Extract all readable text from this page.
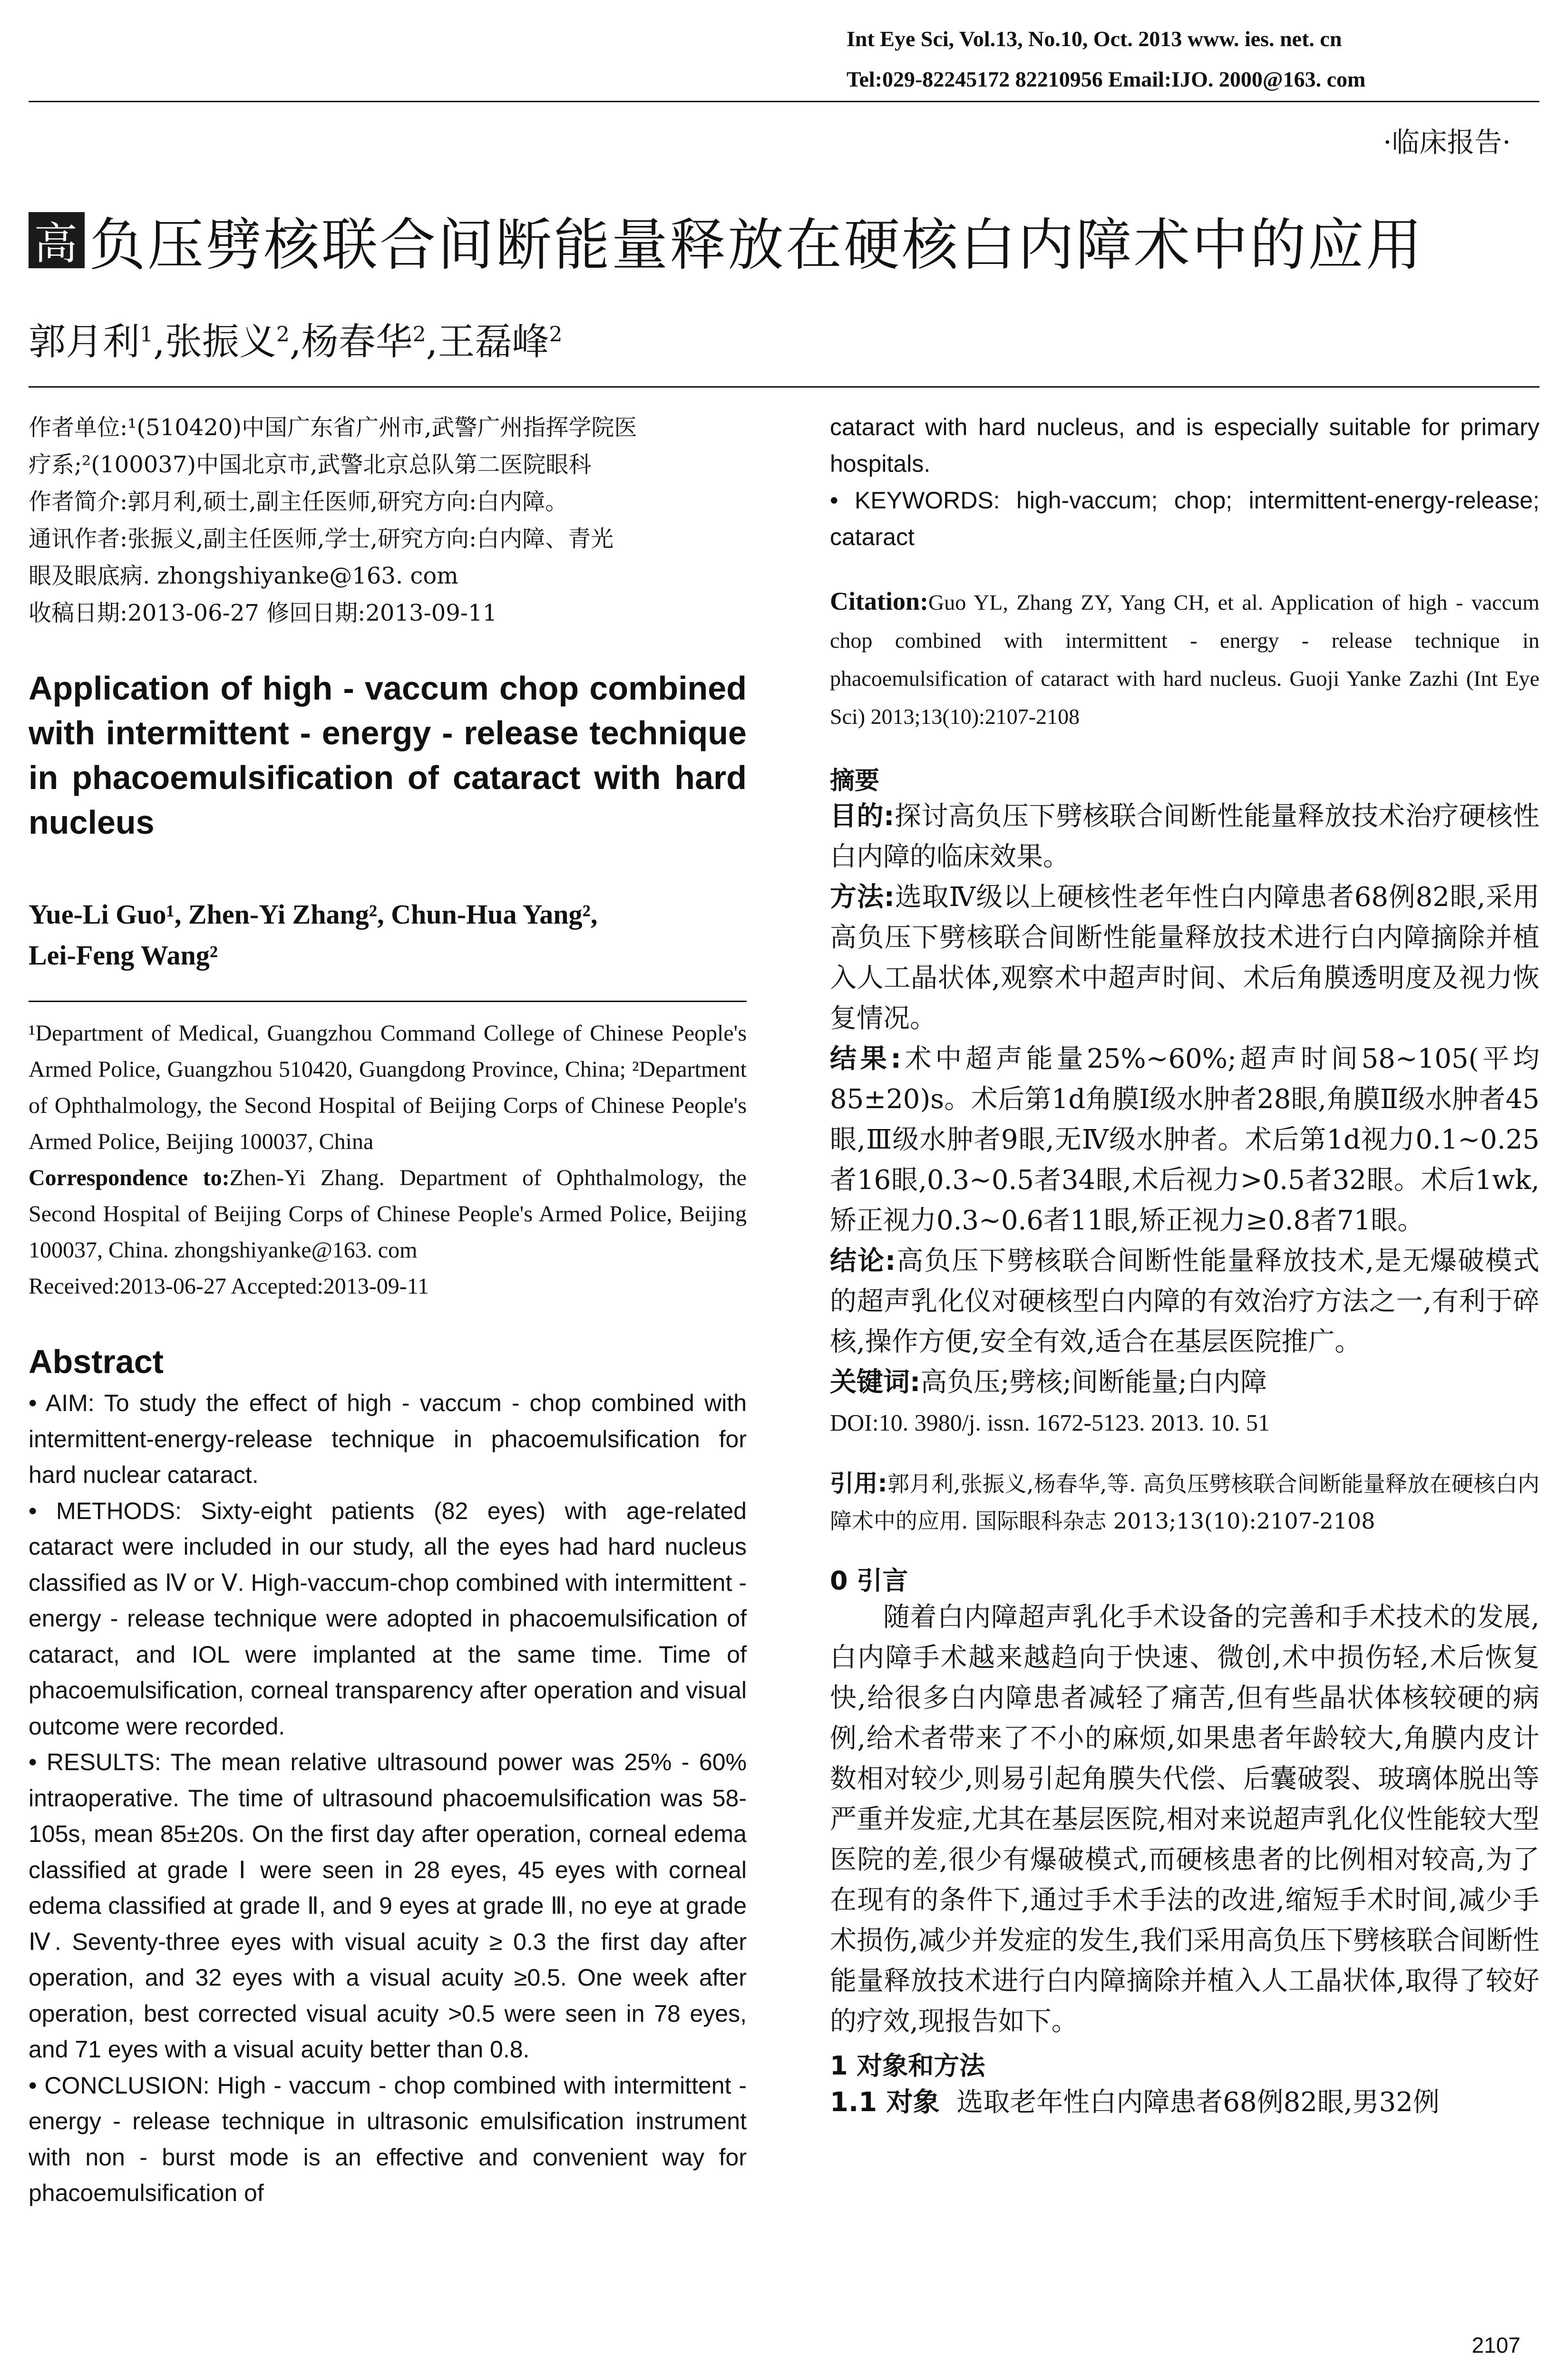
Int Eye Sci, Vol.13, No.10, Oct. 2013 www. ies. net. cn
Tel:029-82245172 82210956 Email:IJO. 2000@163. com
·临床报告·
高 负压劈核联合间断能量释放在硬核白内障术中的应用
郭月利$^1$,张振义$^2$,杨春华$^2$,王磊峰$^2$

作者单位:¹(510420)中国广东省广州市,武警广州指挥学院医

疗系;²(100037)中国北京市,武警北京总队第二医院眼科

作者简介:郭月利,硕士,副主任医师,研究方向:白内障。

通讯作者:张振义,副主任医师,学士,研究方向:白内障、青光

眼及眼底病. zhongshiyanke@163. com

收稿日期:2013-06-27 修回日期:2013-09-11

Application of high - vaccum chop combined with intermittent - energy - release technique in phacoemulsification of cataract with hard nucleus
Yue-Li Guo¹, Zhen-Yi Zhang², Chun-Hua Yang²,
Lei-Feng Wang²
¹Department of Medical, Guangzhou Command College of Chinese People's Armed Police, Guangzhou 510420, Guangdong Province, China; ²Department of Ophthalmology, the Second Hospital of Beijing Corps of Chinese People's Armed Police, Beijing 100037, China
Correspondence to:Zhen-Yi Zhang. Department of Ophthalmology, the Second Hospital of Beijing Corps of Chinese People's Armed Police, Beijing 100037, China. zhongshiyanke@163. com
Received:2013-06-27 Accepted:2013-09-11
Abstract

• AIM: To study the effect of high - vaccum - chop combined with intermittent-energy-release technique in phacoemulsification for hard nuclear cataract.

• METHODS: Sixty-eight patients (82 eyes) with age-related cataract were included in our study, all the eyes had hard nucleus classified as Ⅳ or Ⅴ. High-vaccum-chop combined with intermittent - energy - release technique were adopted in phacoemulsification of cataract, and IOL were implanted at the same time. Time of phacoemulsification, corneal transparency after operation and visual outcome were recorded.

• RESULTS: The mean relative ultrasound power was 25% - 60% intraoperative. The time of ultrasound phacoemulsification was 58-105s, mean 85±20s. On the first day after operation, corneal edema classified at grade Ⅰ were seen in 28 eyes, 45 eyes with corneal edema classified at grade Ⅱ, and 9 eyes at grade Ⅲ, no eye at grade Ⅳ. Seventy-three eyes with visual acuity ≥ 0.3 the first day after operation, and 32 eyes with a visual acuity ≥0.5. One week after operation, best corrected visual acuity >0.5 were seen in 78 eyes, and 71 eyes with a visual acuity better than 0.8.

• CONCLUSION: High - vaccum - chop combined with intermittent - energy - release technique in ultrasonic emulsification instrument with non - burst mode is an effective and convenient way for phacoemulsification of

cataract with hard nucleus, and is especially suitable for primary hospitals.

• KEYWORDS: high-vaccum; chop; intermittent-energy-release; cataract

Citation:Guo YL, Zhang ZY, Yang CH, et al. Application of high - vaccum chop combined with intermittent - energy - release technique in phacoemulsification of cataract with hard nucleus. Guoji Yanke Zazhi (Int Eye Sci) 2013;13(10):2107-2108
摘要

目的:探讨高负压下劈核联合间断性能量释放技术治疗硬核性白内障的临床效果。

方法:选取Ⅳ级以上硬核性老年性白内障患者68例82眼,采用高负压下劈核联合间断性能量释放技术进行白内障摘除并植入人工晶状体,观察术中超声时间、术后角膜透明度及视力恢复情况。

结果:术中超声能量25%~60%;超声时间58~105(平均85±20)s。术后第1d角膜Ⅰ级水肿者28眼,角膜Ⅱ级水肿者45眼,Ⅲ级水肿者9眼,无Ⅳ级水肿者。术后第1d视力0.1~0.25者16眼,0.3~0.5者34眼,术后视力>0.5者32眼。术后1wk,矫正视力0.3~0.6者11眼,矫正视力≥0.8者71眼。

结论:高负压下劈核联合间断性能量释放技术,是无爆破模式的超声乳化仪对硬核型白内障的有效治疗方法之一,有利于碎核,操作方便,安全有效,适合在基层医院推广。

关键词:高负压;劈核;间断能量;白内障

DOI:10. 3980/j. issn. 1672-5123. 2013. 10. 51
引用:郭月利,张振义,杨春华,等. 高负压劈核联合间断能量释放在硬核白内障术中的应用. 国际眼科杂志 2013;13(10):2107-2108
0 引言
随着白内障超声乳化手术设备的完善和手术技术的发展,白内障手术越来越趋向于快速、微创,术中损伤轻,术后恢复快,给很多白内障患者减轻了痛苦,但有些晶状体核较硬的病例,给术者带来了不小的麻烦,如果患者年龄较大,角膜内皮计数相对较少,则易引起角膜失代偿、后囊破裂、玻璃体脱出等严重并发症,尤其在基层医院,相对来说超声乳化仪性能较大型医院的差,很少有爆破模式,而硬核患者的比例相对较高,为了在现有的条件下,通过手术手法的改进,缩短手术时间,减少手术损伤,减少并发症的发生,我们采用高负压下劈核联合间断性能量释放技术进行白内障摘除并植入人工晶状体,取得了较好的疗效,现报告如下。
1 对象和方法
1.1 对象 选取老年性白内障患者68例82眼,男32例
2107
